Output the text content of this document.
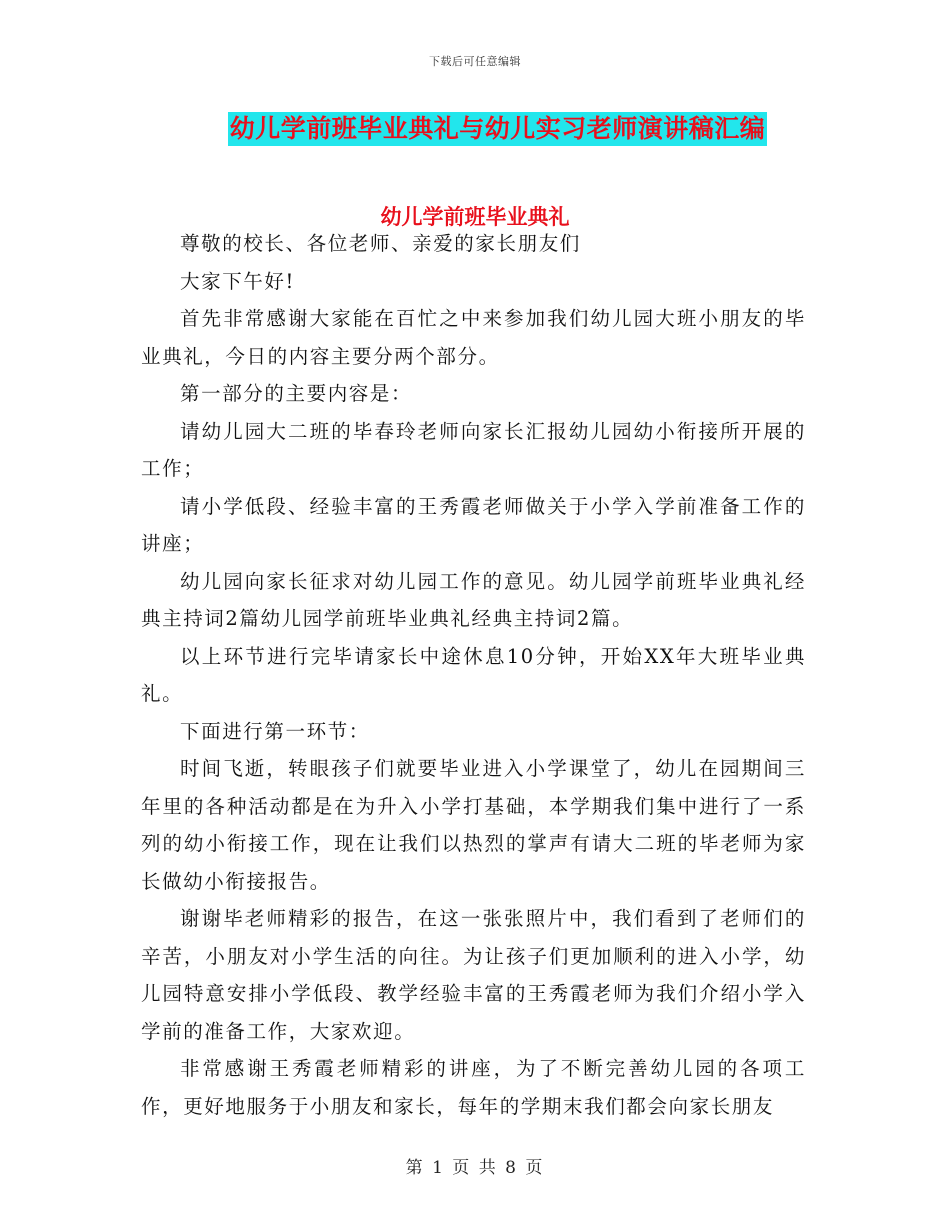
下载后可任意编辑
幼儿学前班毕业典礼与幼儿实习老师演讲稿汇编
幼儿学前班毕业典礼

尊敬的校长、各位老师、亲爱的家长朋友们

大家下午好!

首先非常感谢大家能在百忙之中来参加我们幼儿园大班小朋友的毕业典礼，今日的内容主要分两个部分。

第一部分的主要内容是：

请幼儿园大二班的毕春玲老师向家长汇报幼儿园幼小衔接所开展的工作；

请小学低段、经验丰富的王秀霞老师做关于小学入学前准备工作的讲座；

幼儿园向家长征求对幼儿园工作的意见。幼儿园学前班毕业典礼经典主持词2篇幼儿园学前班毕业典礼经典主持词2篇。

以上环节进行完毕请家长中途休息10分钟，开始XX年大班毕业典礼。

下面进行第一环节：

时间飞逝，转眼孩子们就要毕业进入小学课堂了，幼儿在园期间三年里的各种活动都是在为升入小学打基础，本学期我们集中进行了一系列的幼小衔接工作，现在让我们以热烈的掌声有请大二班的毕老师为家长做幼小衔接报告。

谢谢毕老师精彩的报告，在这一张张照片中，我们看到了老师们的辛苦，小朋友对小学生活的向往。为让孩子们更加顺利的进入小学，幼儿园特意安排小学低段、教学经验丰富的王秀霞老师为我们介绍小学入学前的准备工作，大家欢迎。

非常感谢王秀霞老师精彩的讲座，为了不断完善幼儿园的各项工作，更好地服务于小朋友和家长，每年的学期末我们都会向家长朋友

第 1 页 共 8 页
